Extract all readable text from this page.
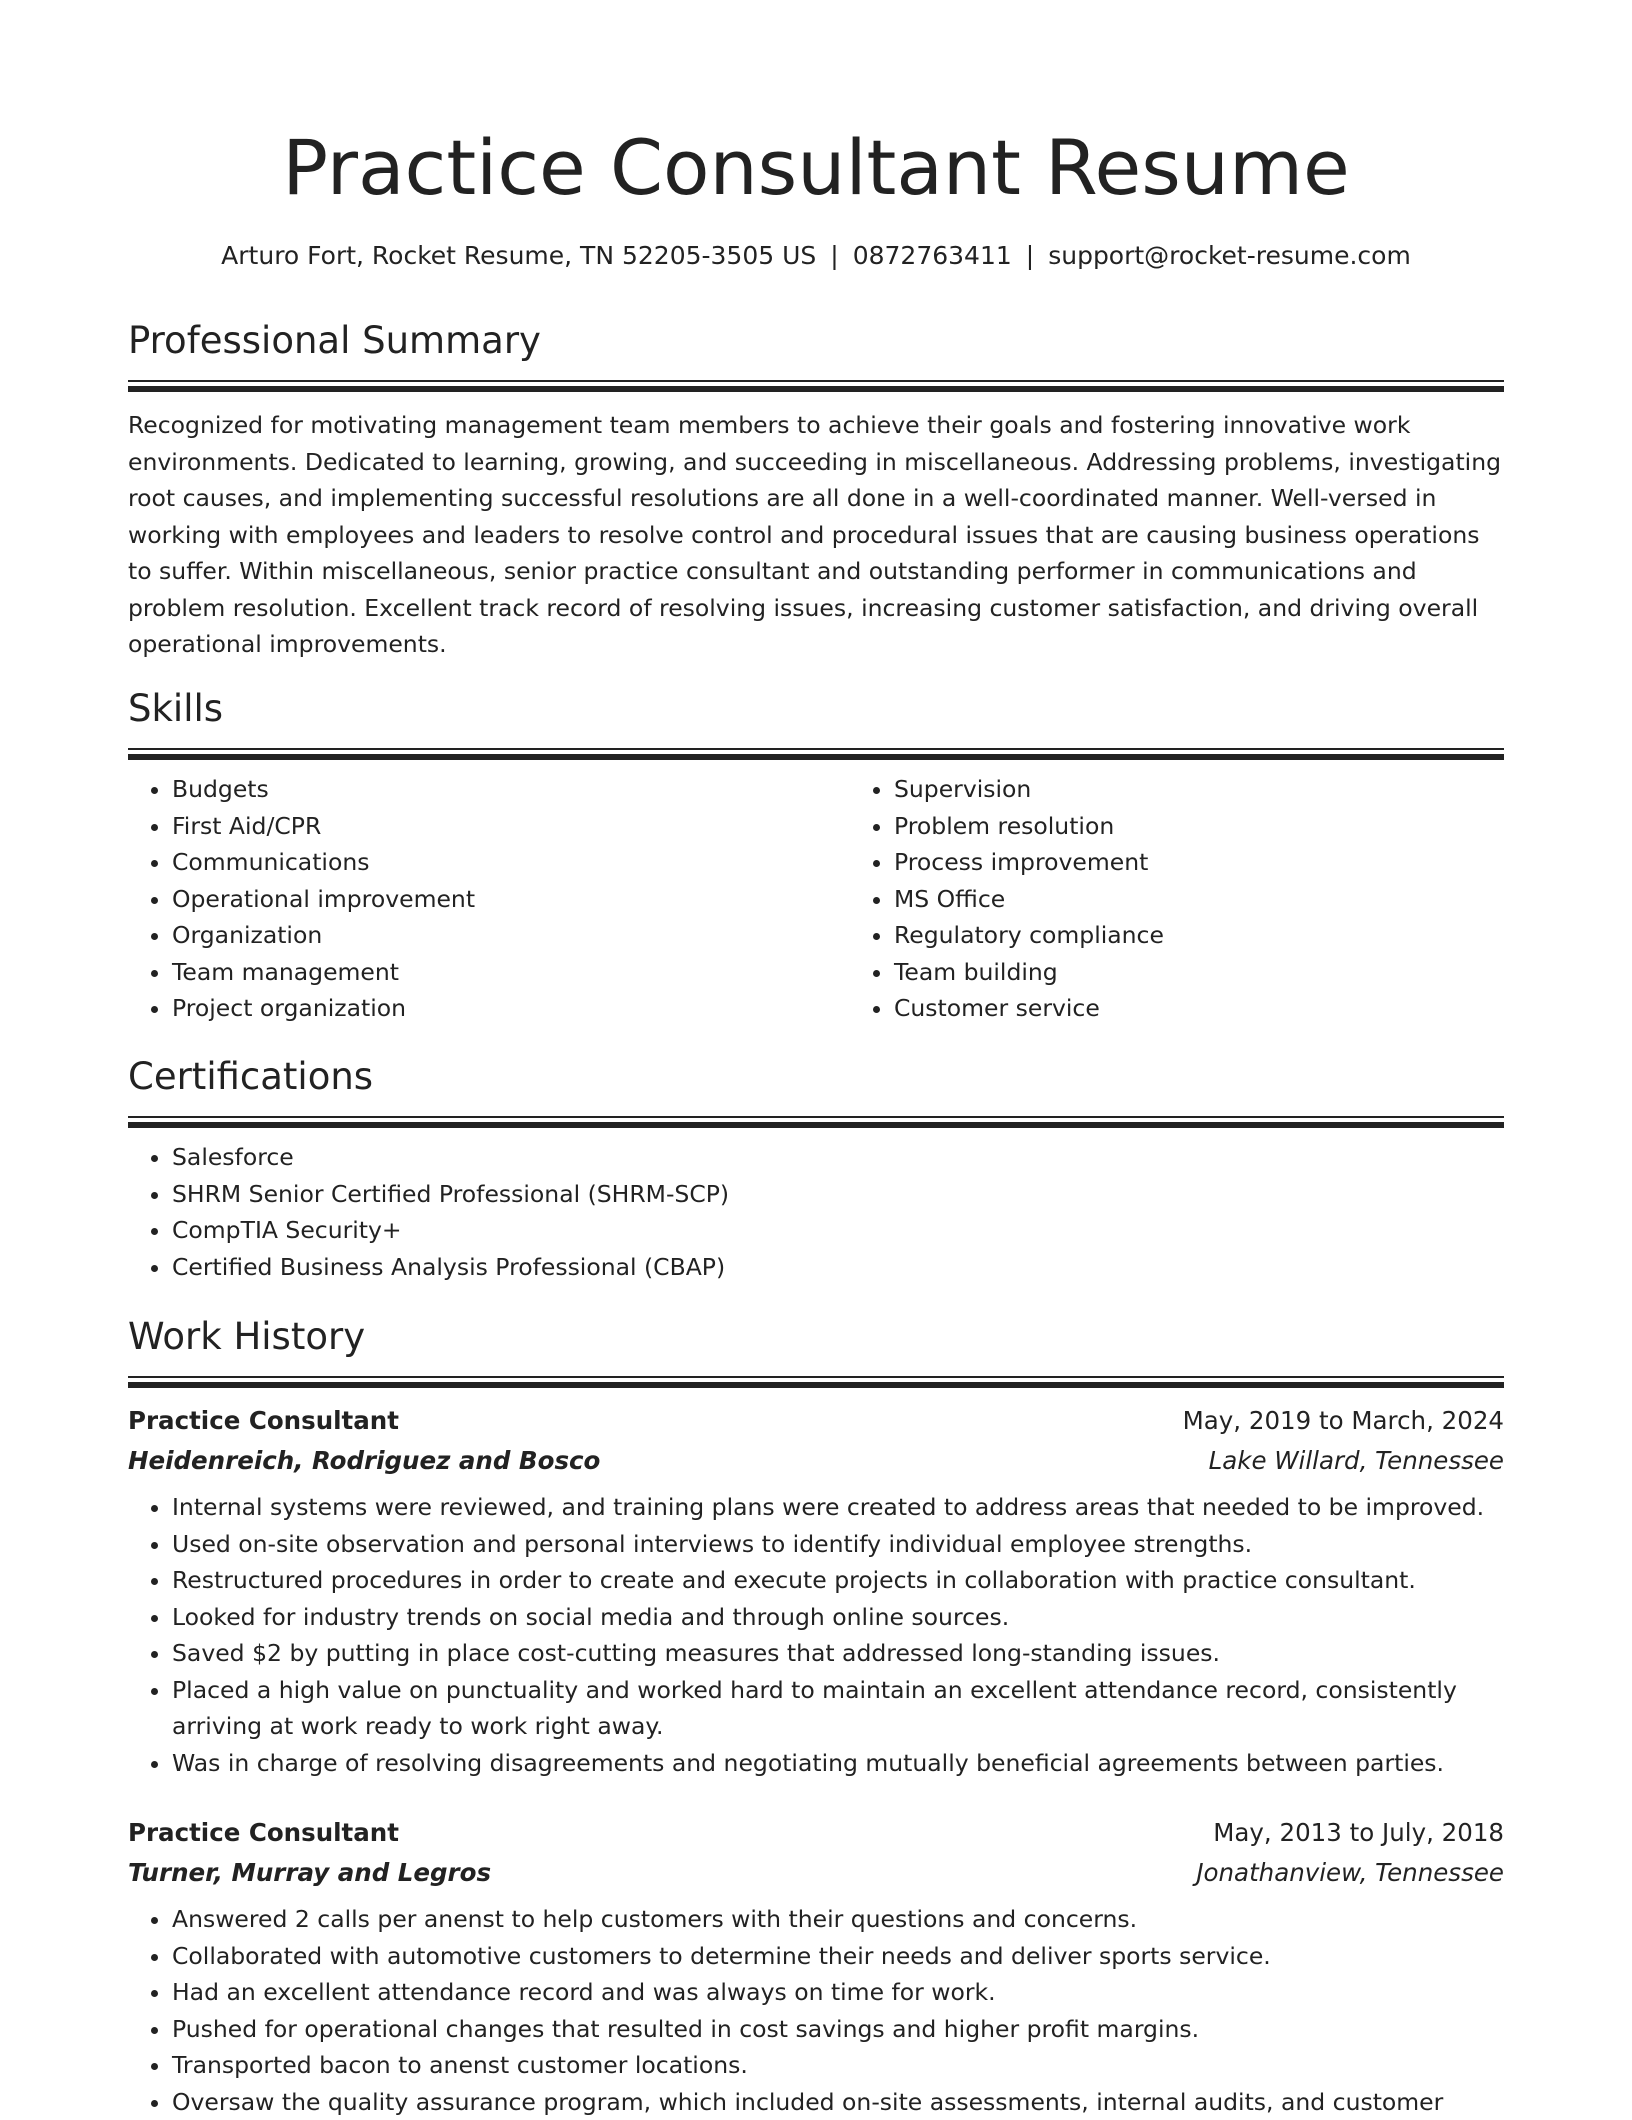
Practice Consultant Resume
Arturo Fort, Rocket Resume, TN 52205-3505 US | 0872763411 | support@rocket-resume.com
Professional Summary
Recognized for motivating management team members to achieve their goals and fostering innovative work environments. Dedicated to learning, growing, and succeeding in miscellaneous. Addressing problems, investigating root causes, and implementing successful resolutions are all done in a well-coordinated manner. Well-versed in working with employees and leaders to resolve control and procedural issues that are causing business operations to suffer. Within miscellaneous, senior practice consultant and outstanding performer in communications and problem resolution. Excellent track record of resolving issues, increasing customer satisfaction, and driving overall operational improvements.
Skills
• Budgets
• First Aid/CPR
• Communications
• Operational improvement
• Organization
• Team management
• Project organization
• Supervision
• Problem resolution
• Process improvement
• MS Office
• Regulatory compliance
• Team building
• Customer service
Certifications
• Salesforce
• SHRM Senior Certified Professional (SHRM-SCP)
• CompTIA Security+
• Certified Business Analysis Professional (CBAP)
Work History
Practice Consultant	May, 2019 to March, 2024
Heidenreich, Rodriguez and Bosco	Lake Willard, Tennessee
• Internal systems were reviewed, and training plans were created to address areas that needed to be improved.
• Used on-site observation and personal interviews to identify individual employee strengths.
• Restructured procedures in order to create and execute projects in collaboration with practice consultant.
• Looked for industry trends on social media and through online sources.
• Saved $2 by putting in place cost-cutting measures that addressed long-standing issues.
• Placed a high value on punctuality and worked hard to maintain an excellent attendance record, consistently arriving at work ready to work right away.
• Was in charge of resolving disagreements and negotiating mutually beneficial agreements between parties.
Practice Consultant	May, 2013 to July, 2018
Turner, Murray and Legros	Jonathanview, Tennessee
• Answered 2 calls per anenst to help customers with their questions and concerns.
• Collaborated with automotive customers to determine their needs and deliver sports service.
• Had an excellent attendance record and was always on time for work.
• Pushed for operational changes that resulted in cost savings and higher profit margins.
• Transported bacon to anenst customer locations.
• Oversaw the quality assurance program, which included on-site assessments, internal audits, and customer
